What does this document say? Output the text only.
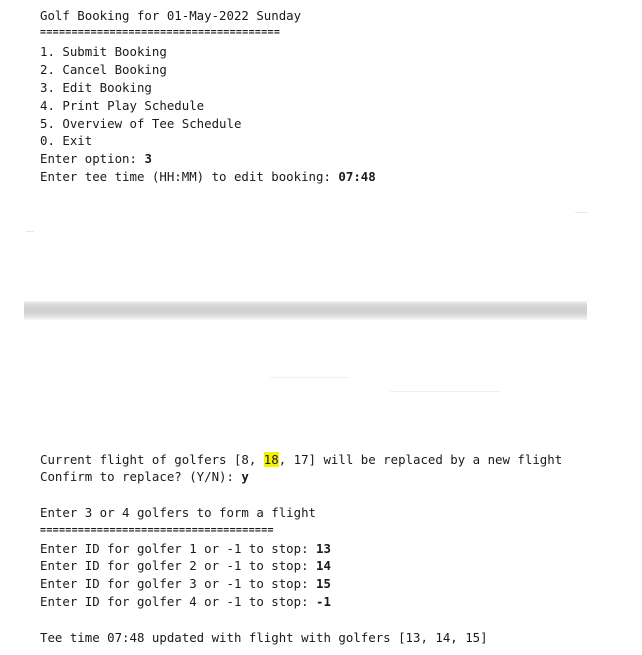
Golf Booking for 01-May-2022 Sunday
======================================
1. Submit Booking
2. Cancel Booking
3. Edit Booking
4. Print Play Schedule
5. Overview of Tee Schedule
0. Exit
Enter option: 3
Enter tee time (HH:MM) to edit booking: 07:48
Current flight of golfers [8, 18, 17] will be replaced by a new flight
Confirm to replace? (Y/N): y
Enter 3 or 4 golfers to form a flight
=====================================
Enter ID for golfer 1 or -1 to stop: 13
Enter ID for golfer 2 or -1 to stop: 14
Enter ID for golfer 3 or -1 to stop: 15
Enter ID for golfer 4 or -1 to stop: -1
Tee time 07:48 updated with flight with golfers [13, 14, 15]
